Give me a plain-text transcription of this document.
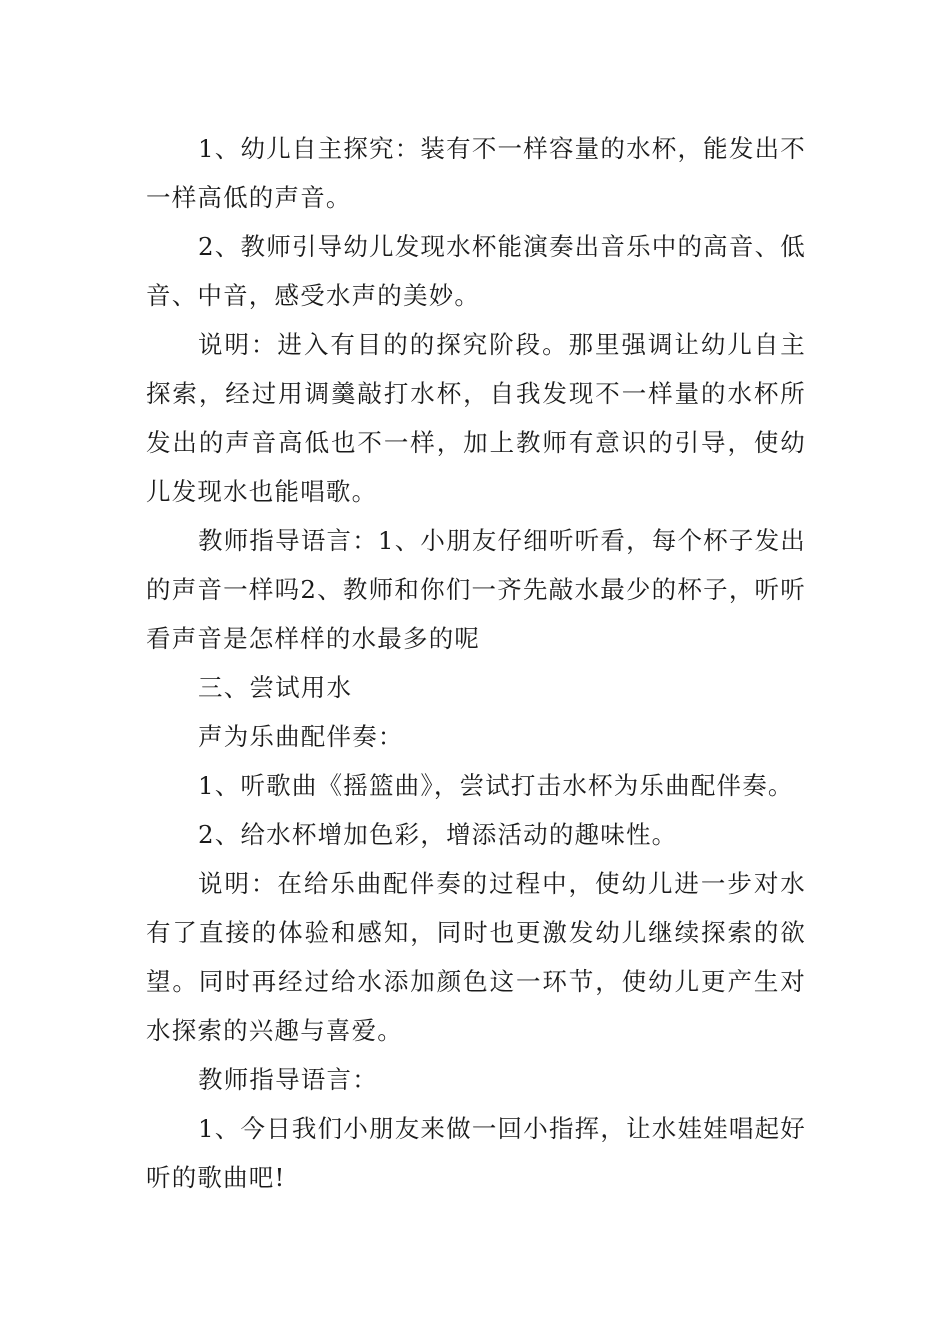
1、幼儿自主探究：装有不一样容量的水杯，能发出不一样高低的声音。

2、教师引导幼儿发现水杯能演奏出音乐中的高音、低音、中音，感受水声的美妙。

说明：进入有目的的探究阶段。那里强调让幼儿自主探索，经过用调羹敲打水杯，自我发现不一样量的水杯所发出的声音高低也不一样，加上教师有意识的引导，使幼儿发现水也能唱歌。

教师指导语言：1、小朋友仔细听听看，每个杯子发出的声音一样吗2、教师和你们一齐先敲水最少的杯子，听听看声音是怎样样的水最多的呢

三、尝试用水

声为乐曲配伴奏：

1、听歌曲《摇篮曲》，尝试打击水杯为乐曲配伴奏。

2、给水杯增加色彩，增添活动的趣味性。

说明：在给乐曲配伴奏的过程中，使幼儿进一步对水有了直接的体验和感知，同时也更激发幼儿继续探索的欲望。同时再经过给水添加颜色这一环节，使幼儿更产生对水探索的兴趣与喜爱。

教师指导语言：

1、今日我们小朋友来做一回小指挥，让水娃娃唱起好听的歌曲吧!
